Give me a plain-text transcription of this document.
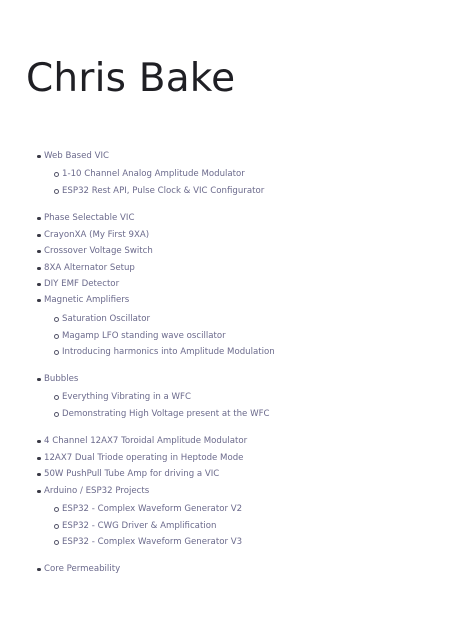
Chris Bake
Web Based VIC
1-10 Channel Analog Amplitude Modulator
ESP32 Rest API, Pulse Clock & VIC Configurator
Phase Selectable VIC
CrayonXA (My First 9XA)
Crossover Voltage Switch
8XA Alternator Setup
DIY EMF Detector
Magnetic Amplifiers
Saturation Oscillator
Magamp LFO standing wave oscillator
Introducing harmonics into Amplitude Modulation
Bubbles
Everything Vibrating in a WFC
Demonstrating High Voltage present at the WFC
4 Channel 12AX7 Toroidal Amplitude Modulator
12AX7 Dual Triode operating in Heptode Mode
50W PushPull Tube Amp for driving a VIC
Arduino / ESP32 Projects
ESP32 - Complex Waveform Generator V2
ESP32 - CWG Driver & Amplification
ESP32 - Complex Waveform Generator V3
Core Permeability
